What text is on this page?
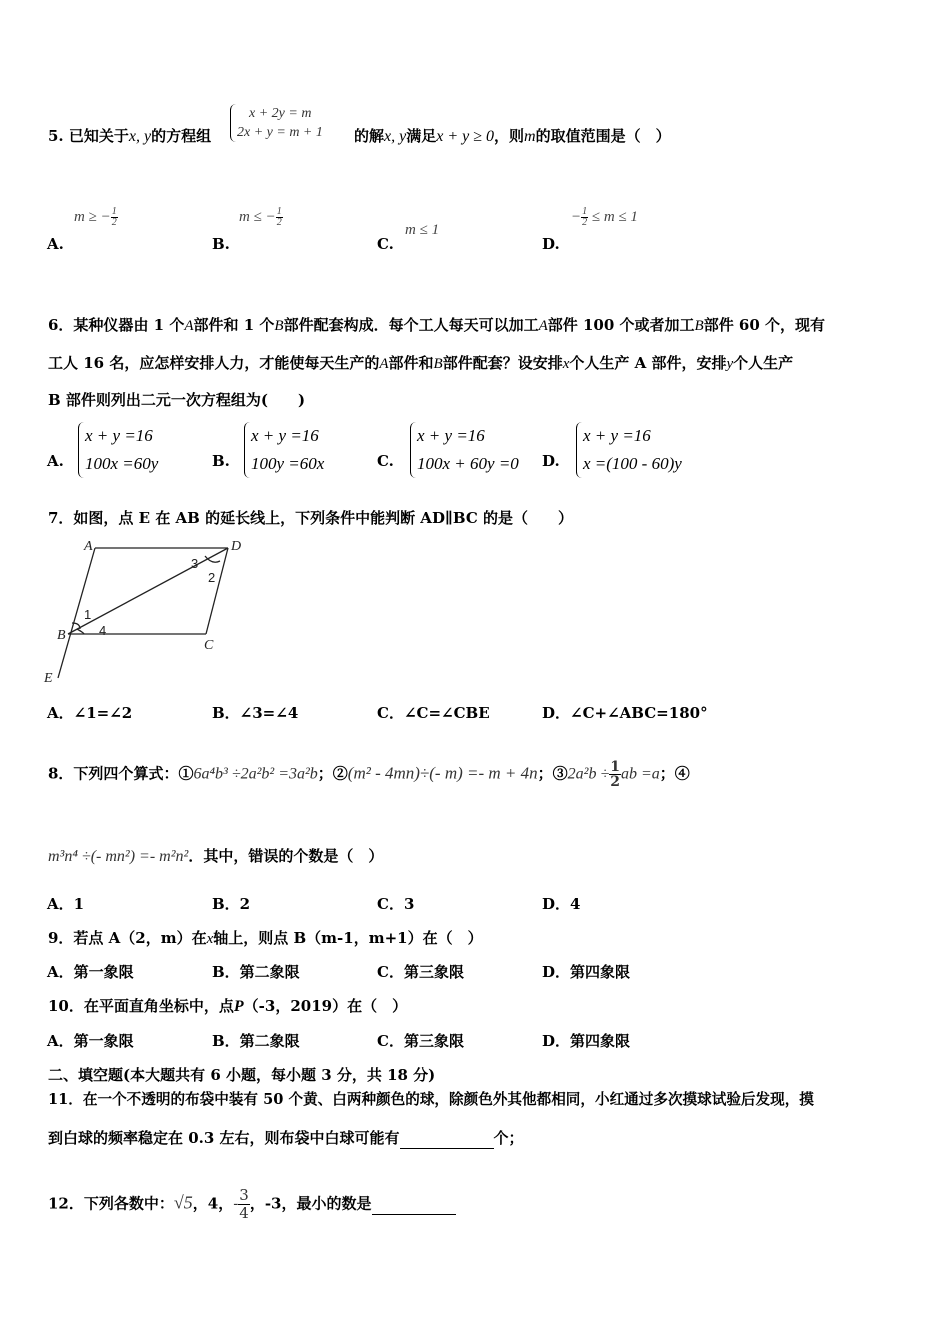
5. 已知关于x, y的方程组
x + 2y = m
2x + y = m + 1 的解x, y满足x + y ≥ 0，则m的取值范围是（　）
A.
m ≥ − $\frac{1}{2}$
B.
m ≤ − $\frac{1}{2}$
C.
m ≤ 1
D.
− $\frac{1}{2} \le m \le 1$
6．某种仪器由 1 个A部件和 1 个B部件配套构成．每个工人每天可以加工A部件 100 个或者加工B部件 60 个，现有
工人 16 名，应怎样安排人力，才能使每天生产的A部件和B部件配套？设安排x个人生产 A 部件，安排y个人生产
B 部件则列出二元一次方程组为(　　)
A.
x + y =16
100x =60y	B.
x + y =16
100y =60x	C.
x + y =16
100x + 60y =0 D.
x + y =16
x =(100 - 60)y
7．如图，点 E 在 AB 的延长线上，下列条件中能判断 AD∥BC 的是（　　）
A	D
B
C
E
1
2
3
4
A．∠1=∠2	B．∠3=∠4	C．∠C=∠CBE	D．∠C+∠ABC=180°
8．下列四个算式：①6a⁴b³ ÷2a²b² =3a²b；②(m² - 4mn)÷(- m) =- m + 4n；③2a²b ÷ $\frac{1}{2}$ ab =a；④
m³n⁴ ÷(- mn²) =- m²n²．其中，错误的个数是（　）
A．1	B．2	C．3	D．4
9．若点 A（2，m）在x轴上，则点 B（m-1，m+1）在（　）
A．第一象限	B．第二象限	C．第三象限	D．第四象限
10．在平面直角坐标中，点P（-3，2019）在（　）
A．第一象限	B．第二象限	C．第三象限	D．第四象限
二、填空题(本大题共有 6 小题，每小题 3 分，共 18 分)
11．在一个不透明的布袋中装有 50 个黄、白两种颜色的球，除颜色外其他都相同，小红通过多次摸球试验后发现，摸
到白球的频率稳定在 0.3 左右，则布袋中白球可能有	个；
12．下列各数中：√5，4，- $\frac{3}{4}$ ，-3，最小的数是
